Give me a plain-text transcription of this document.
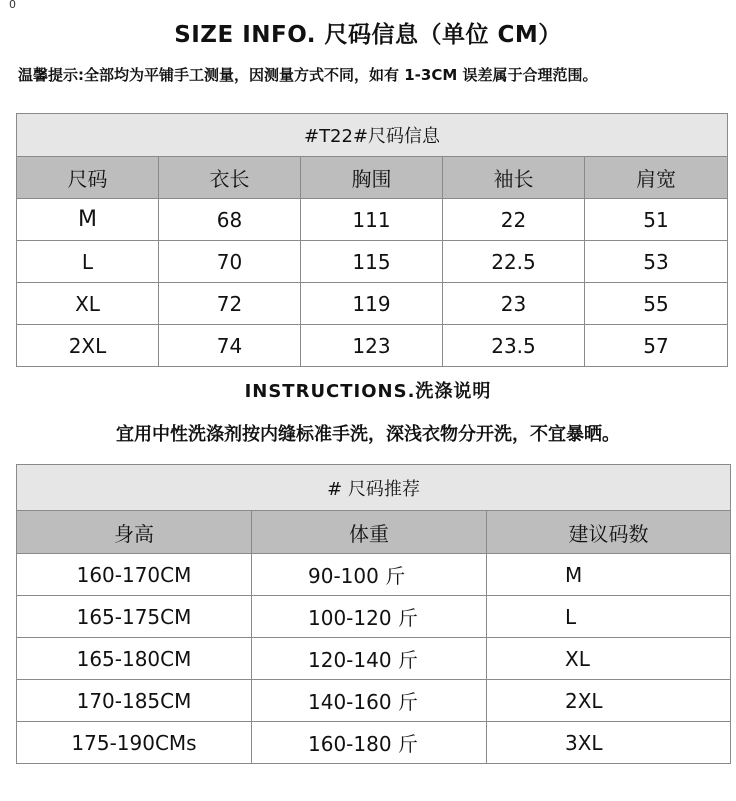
0
SIZE INFO. 尺码信息（单位 CM）
温馨提示:全部均为平铺手工测量，因测量方式不同，如有 1-3CM 误差属于合理范围。
#T22#尺码信息				
尺码	衣长	胸围	袖长	肩宽
M	68	111	22	51
L	70	115	22.5	53
XL	72	119	23	55
2XL	74	123	23.5	57
INSTRUCTIONS.洗涤说明
宜用中性洗涤剂按内缝标准手洗，深浅衣物分开洗，不宜暴晒。
# 尺码推荐		
身高	体重	建议码数
160-170CM	90-100 斤	M
165-175CM	100-120 斤	L
165-180CM	120-140 斤	XL
170-185CM	140-160 斤	2XL
175-190CMs	160-180 斤	3XL
